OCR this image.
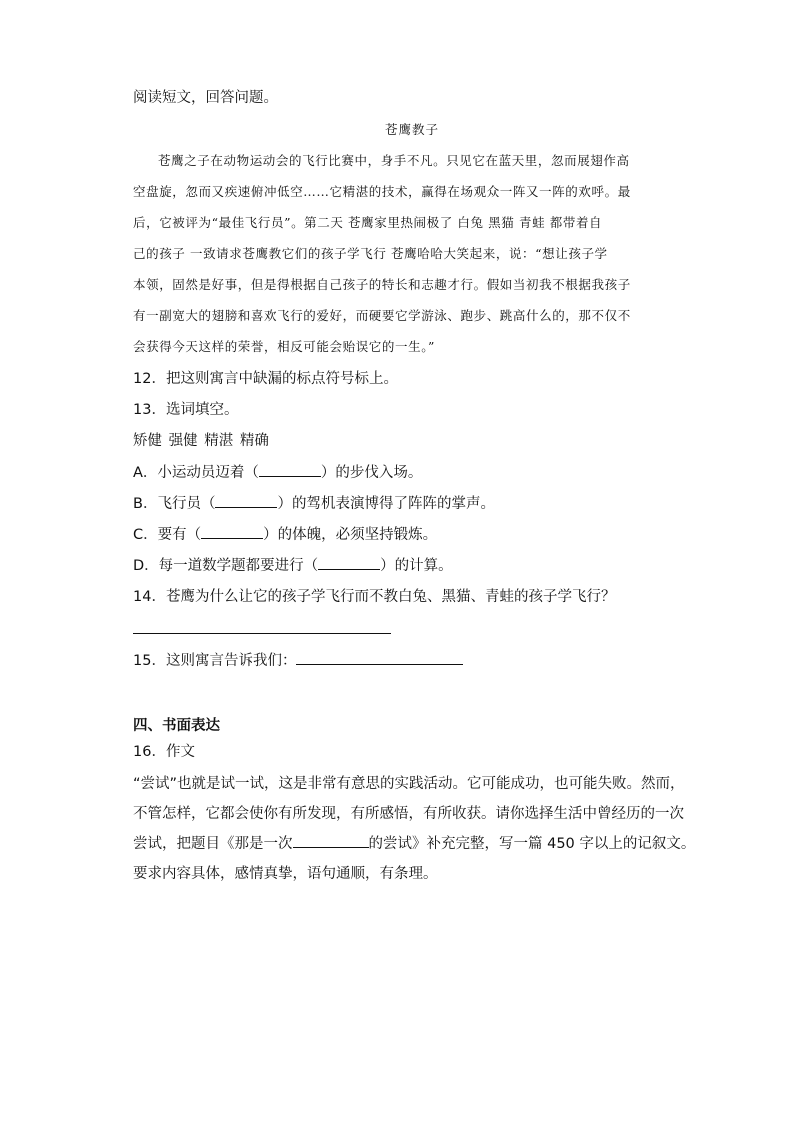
阅读短文，回答问题。
苍鹰教子
苍鹰之子在动物运动会的飞行比赛中，身手不凡。只见它在蓝天里，忽而展翅作高
空盘旋，忽而又疾速俯冲低空……它精湛的技术，赢得在场观众一阵又一阵的欢呼。最
后，它被评为“最佳飞行员”。第二天 苍鹰家里热闹极了 白兔 黑猫 青蛙 都带着自
己的孩子 一致请求苍鹰教它们的孩子学飞行 苍鹰哈哈大笑起来，说：“想让孩子学
本领，固然是好事，但是得根据自己孩子的特长和志趣才行。假如当初我不根据我孩子
有一副宽大的翅膀和喜欢飞行的爱好，而硬要它学游泳、跑步、跳高什么的，那不仅不
会获得今天这样的荣誉，相反可能会贻误它的一生。”
12．把这则寓言中缺漏的标点符号标上。
13．选词填空。
矫健 强健 精湛 精确
A．小运动员迈着（	）的步伐入场。
B．飞行员（	）的驾机表演博得了阵阵的掌声。
C．要有（	）的体魄，必须坚持锻炼。
D．每一道数学题都要进行（	）的计算。
14．苍鹰为什么让它的孩子学飞行而不教白兔、黑猫、青蛙的孩子学飞行？
15．这则寓言告诉我们：
四、书面表达
16．作文
“尝试”也就是试一试，这是非常有意思的实践活动。它可能成功，也可能失败。然而，
不管怎样，它都会使你有所发现，有所感悟，有所收获。请你选择生活中曾经历的一次
尝试，把题目《那是一次	的尝试》补充完整，写一篇 450 字以上的记叙文。
要求内容具体，感情真挚，语句通顺，有条理。
